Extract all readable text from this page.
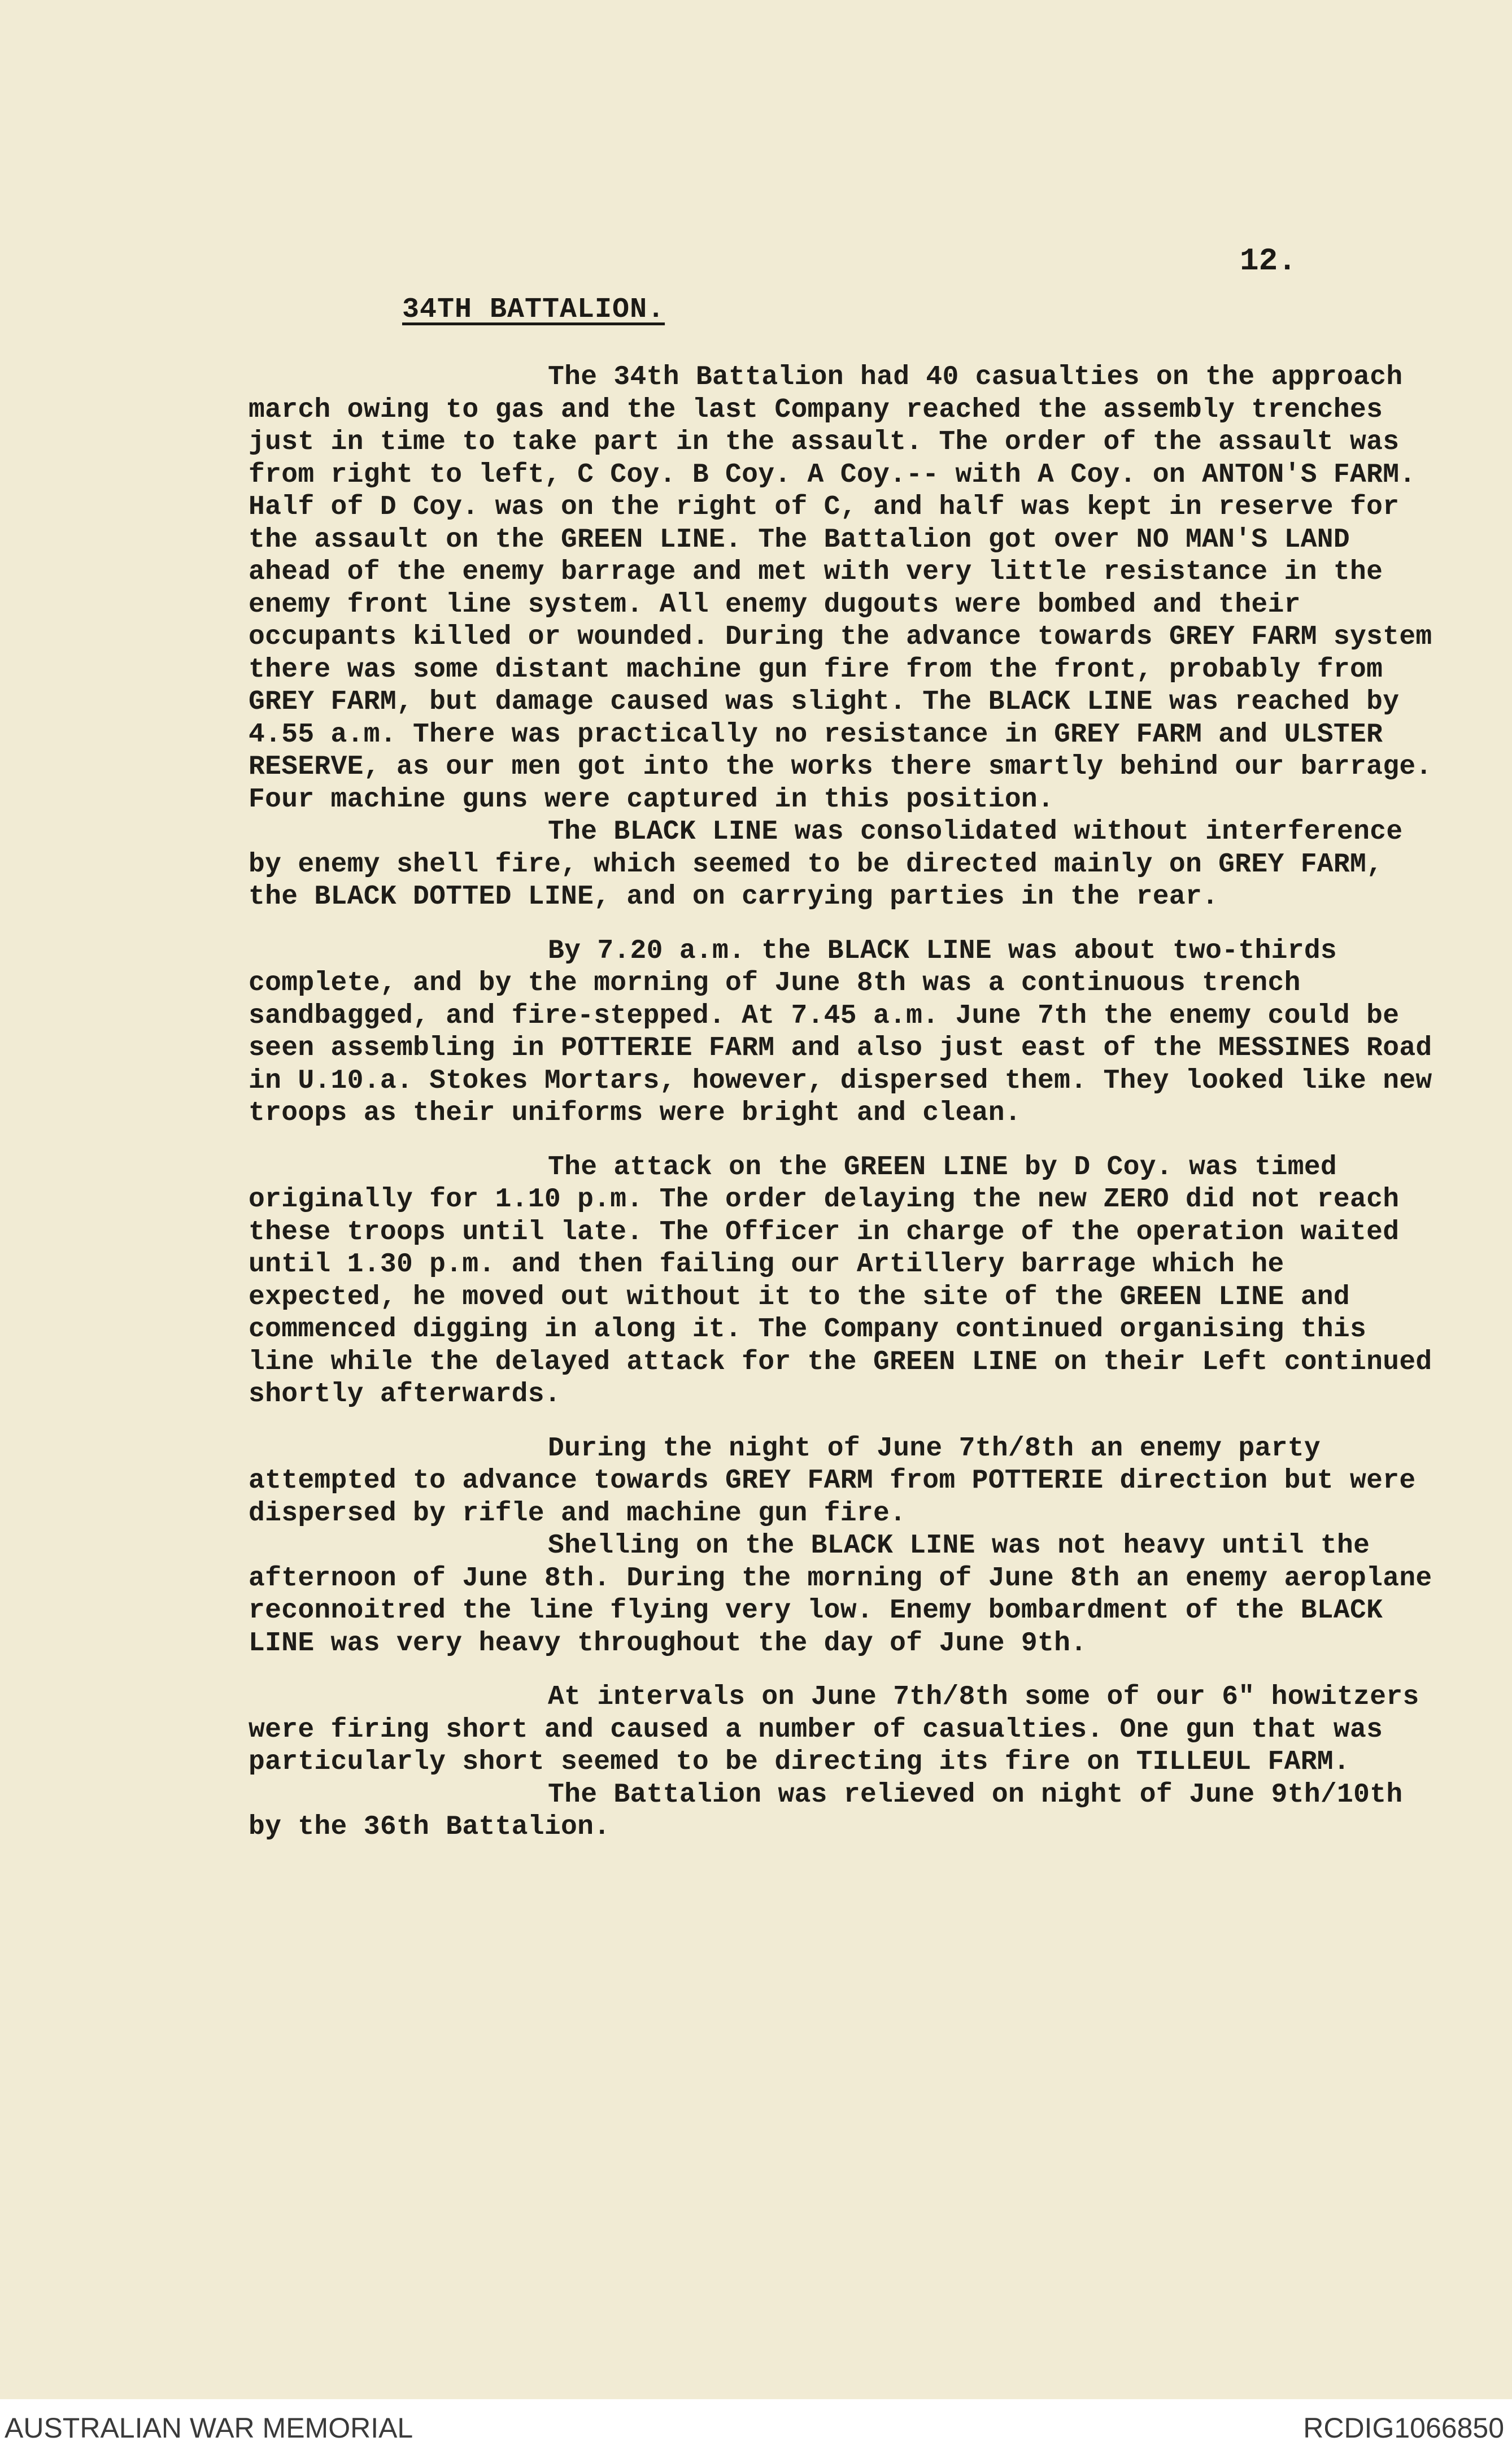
12.
34TH BATTALION.

The 34th Battalion had 40 casualties on the approach march owing to gas and the last Company reached the assembly trenches just in time to take part in the assault. The order of the assault was from right to left, C Coy. B Coy. A Coy.-- with A Coy. on ANTON'S FARM. Half of D Coy. was on the right of C, and half was kept in reserve for the assault on the GREEN LINE. The Battalion got over NO MAN'S LAND ahead of the enemy barrage and met with very little resistance in the enemy front line system. All enemy dugouts were bombed and their occupants killed or wounded. During the advance towards GREY FARM system there was some distant machine gun fire from the front, probably from GREY FARM, but damage caused was slight. The BLACK LINE was reached by 4.55 a.m. There was practically no resistance in GREY FARM and ULSTER RESERVE, as our men got into the works there smartly behind our barrage. Four machine guns were captured in this position.

The BLACK LINE was consolidated without interference by enemy shell fire, which seemed to be directed mainly on GREY FARM, the BLACK DOTTED LINE, and on carrying parties in the rear.

By 7.20 a.m. the BLACK LINE was about two-thirds complete, and by the morning of June 8th was a continuous trench sandbagged, and fire-stepped. At 7.45 a.m. June 7th the enemy could be seen assembling in POTTERIE FARM and also just east of the MESSINES Road in U.10.a. Stokes Mortars, however, dispersed them. They looked like new troops as their uniforms were bright and clean.

The attack on the GREEN LINE by D Coy. was timed originally for 1.10 p.m. The order delaying the new ZERO did not reach these troops until late. The Officer in charge of the operation waited until 1.30 p.m. and then failing our Artillery barrage which he expected, he moved out without it to the site of the GREEN LINE and commenced digging in along it. The Company continued organising this line while the delayed attack for the GREEN LINE on their Left continued shortly afterwards.

During the night of June 7th/8th an enemy party attempted to advance towards GREY FARM from POTTERIE direction but were dispersed by rifle and machine gun fire.

Shelling on the BLACK LINE was not heavy until the afternoon of June 8th. During the morning of June 8th an enemy aeroplane reconnoitred the line flying very low. Enemy bombardment of the BLACK LINE was very heavy throughout the day of June 9th.

At intervals on June 7th/8th some of our 6" howitzers were firing short and caused a number of casualties. One gun that was particularly short seemed to be directing its fire on TILLEUL FARM.

The Battalion was relieved on night of June 9th/10th by the 36th Battalion.

AUSTRALIAN WAR MEMORIAL	RCDIG1066850
